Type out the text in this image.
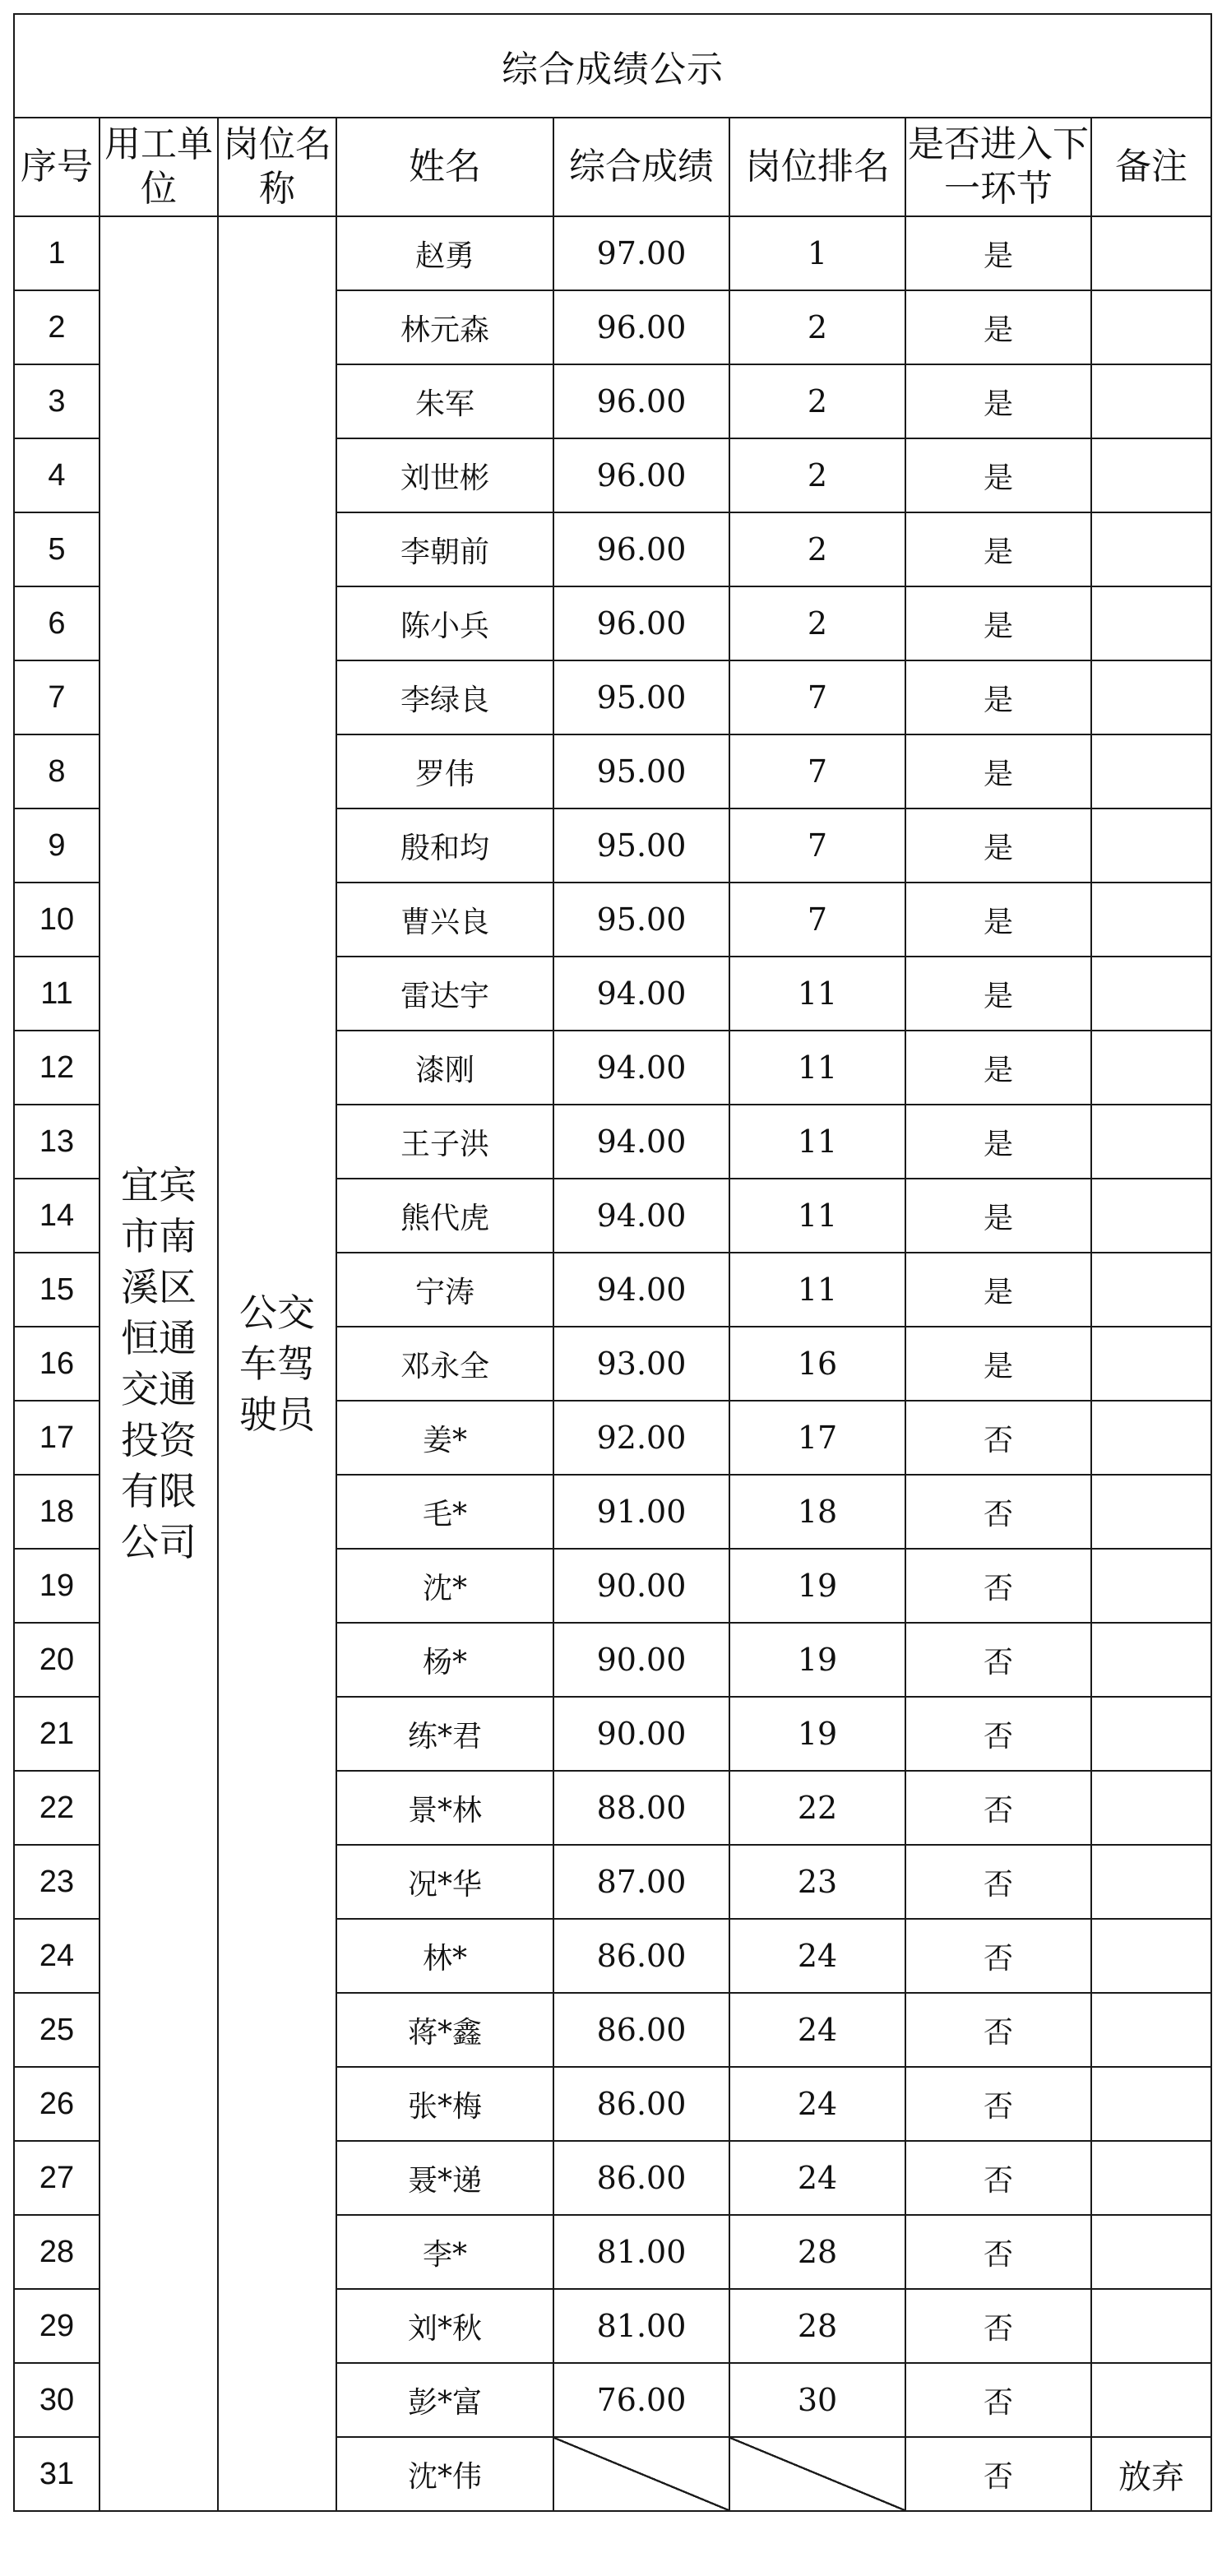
综合成绩公示							
序号	用工单位	岗位名称	姓名	综合成绩	岗位排名	是否进入下一环节	备注
1	宜宾市南溪区恒通交通投资有限公司	公交车驾驶员	赵勇	97.00	1	是	
2			林元森	96.00	2	是	
3			朱军	96.00	2	是	
4			刘世彬	96.00	2	是	
5			李朝前	96.00	2	是	
6			陈小兵	96.00	2	是	
7			李绿良	95.00	7	是	
8			罗伟	95.00	7	是	
9			殷和均	95.00	7	是	
10			曹兴良	95.00	7	是	
11			雷达宇	94.00	11	是	
12			漆刚	94.00	11	是	
13			王子洪	94.00	11	是	
14			熊代虎	94.00	11	是	
15			宁涛	94.00	11	是	
16			邓永全	93.00	16	是	
17			姜*	92.00	17	否	
18			毛*	91.00	18	否	
19			沈*	90.00	19	否	
20			杨*	90.00	19	否	
21			练*君	90.00	19	否	
22			景*林	88.00	22	否	
23			况*华	87.00	23	否	
24			林*	86.00	24	否	
25			蒋*鑫	86.00	24	否	
26			张*梅	86.00	24	否	
27			聂*递	86.00	24	否	
28			李*	81.00	28	否	
29			刘*秋	81.00	28	否	
30			彭*富	76.00	30	否	
31			沈*伟			否	放弃
